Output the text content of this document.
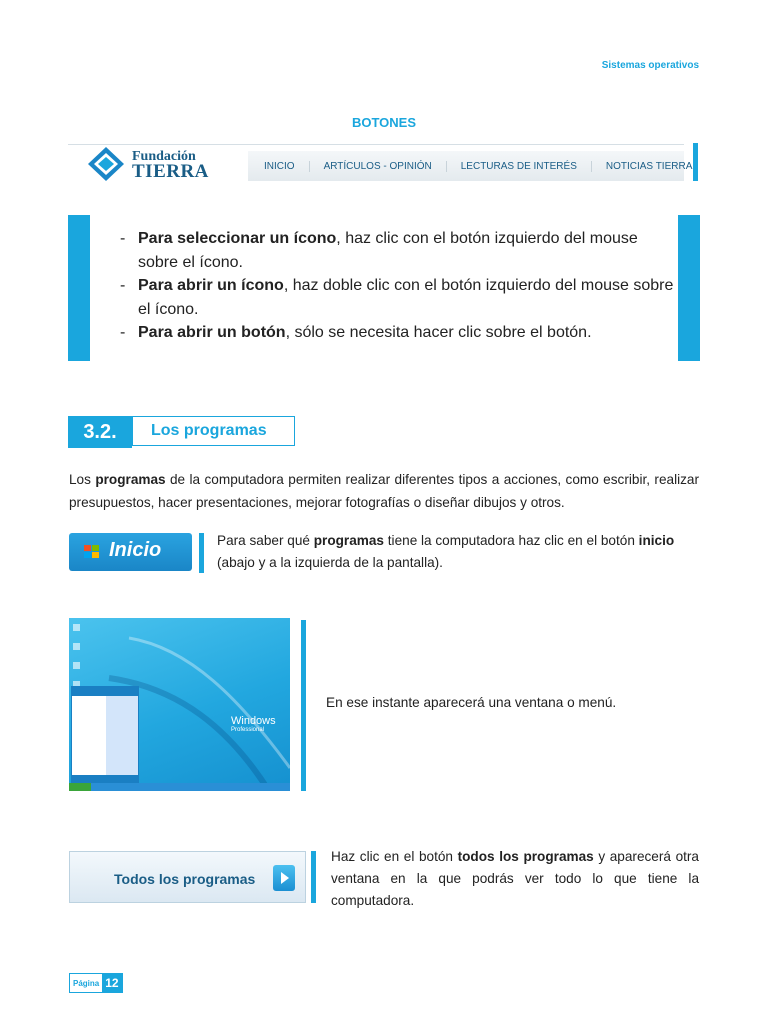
Sistemas operativos
BOTONES
Fundación
TIERRA	INICIO	ARTÍCULOS - OPINIÓN	LECTURAS DE INTERÉS	NOTICIAS TIERRA
- Para seleccionar un ícono, haz clic con el botón izquierdo del mouse sobre el ícono.
- Para abrir un ícono, haz doble clic con el botón izquierdo del mouse sobre el ícono.
- Para abrir un botón, sólo se necesita hacer clic sobre el botón.
3.2.	Los programas
Los programas de la computadora permiten realizar diferentes tipos a acciones, como escribir, realizar presupuestos, hacer presentaciones, mejorar fotografías o diseñar dibujos y otros.
Inicio	Para saber qué programas tiene la computadora haz clic en el botón inicio (abajo y a la izquierda de la pantalla).
Windows
Professional
En ese instante aparecerá una ventana o menú.
Todos los programas
Haz clic en el botón todos los programas y aparecerá otra ventana en la que podrás ver todo lo que tiene la computadora.
Página 12
